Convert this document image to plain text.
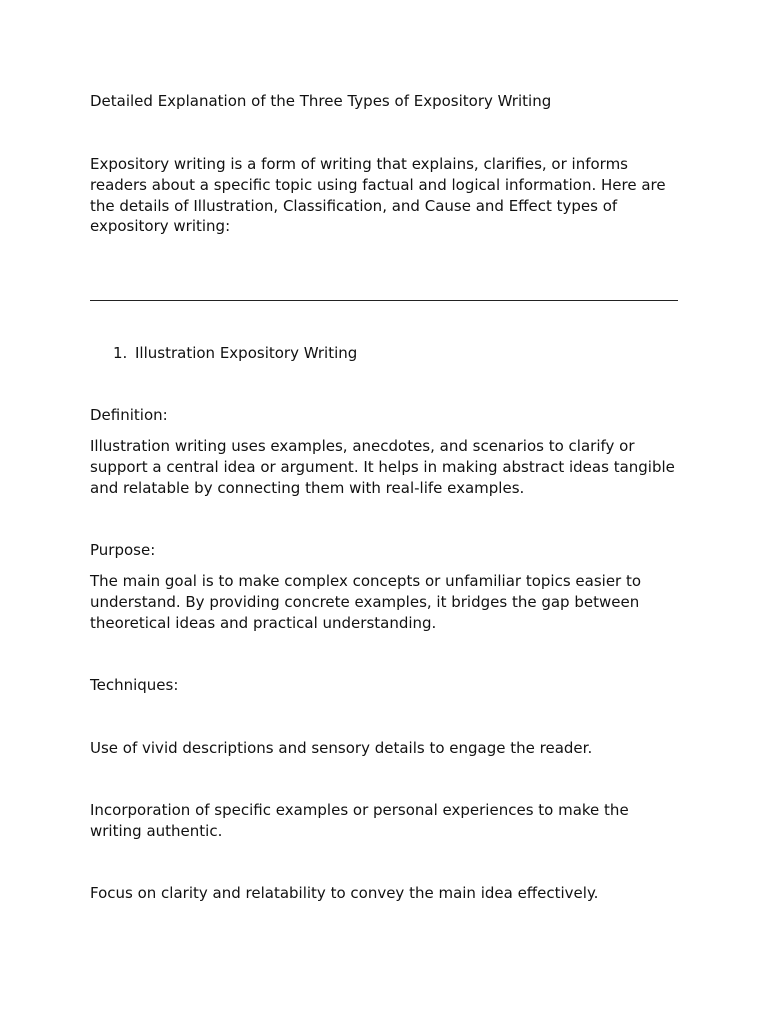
Detailed Explanation of the Three Types of Expository Writing

Expository writing is a form of writing that explains, clarifies, or informs readers about a specific topic using factual and logical information. Here are the details of Illustration, Classification, and Cause and Effect types of expository writing:

1. Illustration Expository Writing

Definition:

Illustration writing uses examples, anecdotes, and scenarios to clarify or support a central idea or argument. It helps in making abstract ideas tangible and relatable by connecting them with real-life examples.

Purpose:

The main goal is to make complex concepts or unfamiliar topics easier to understand. By providing concrete examples, it bridges the gap between theoretical ideas and practical understanding.

Techniques:

Use of vivid descriptions and sensory details to engage the reader.

Incorporation of specific examples or personal experiences to make the writing authentic.

Focus on clarity and relatability to convey the main idea effectively.
